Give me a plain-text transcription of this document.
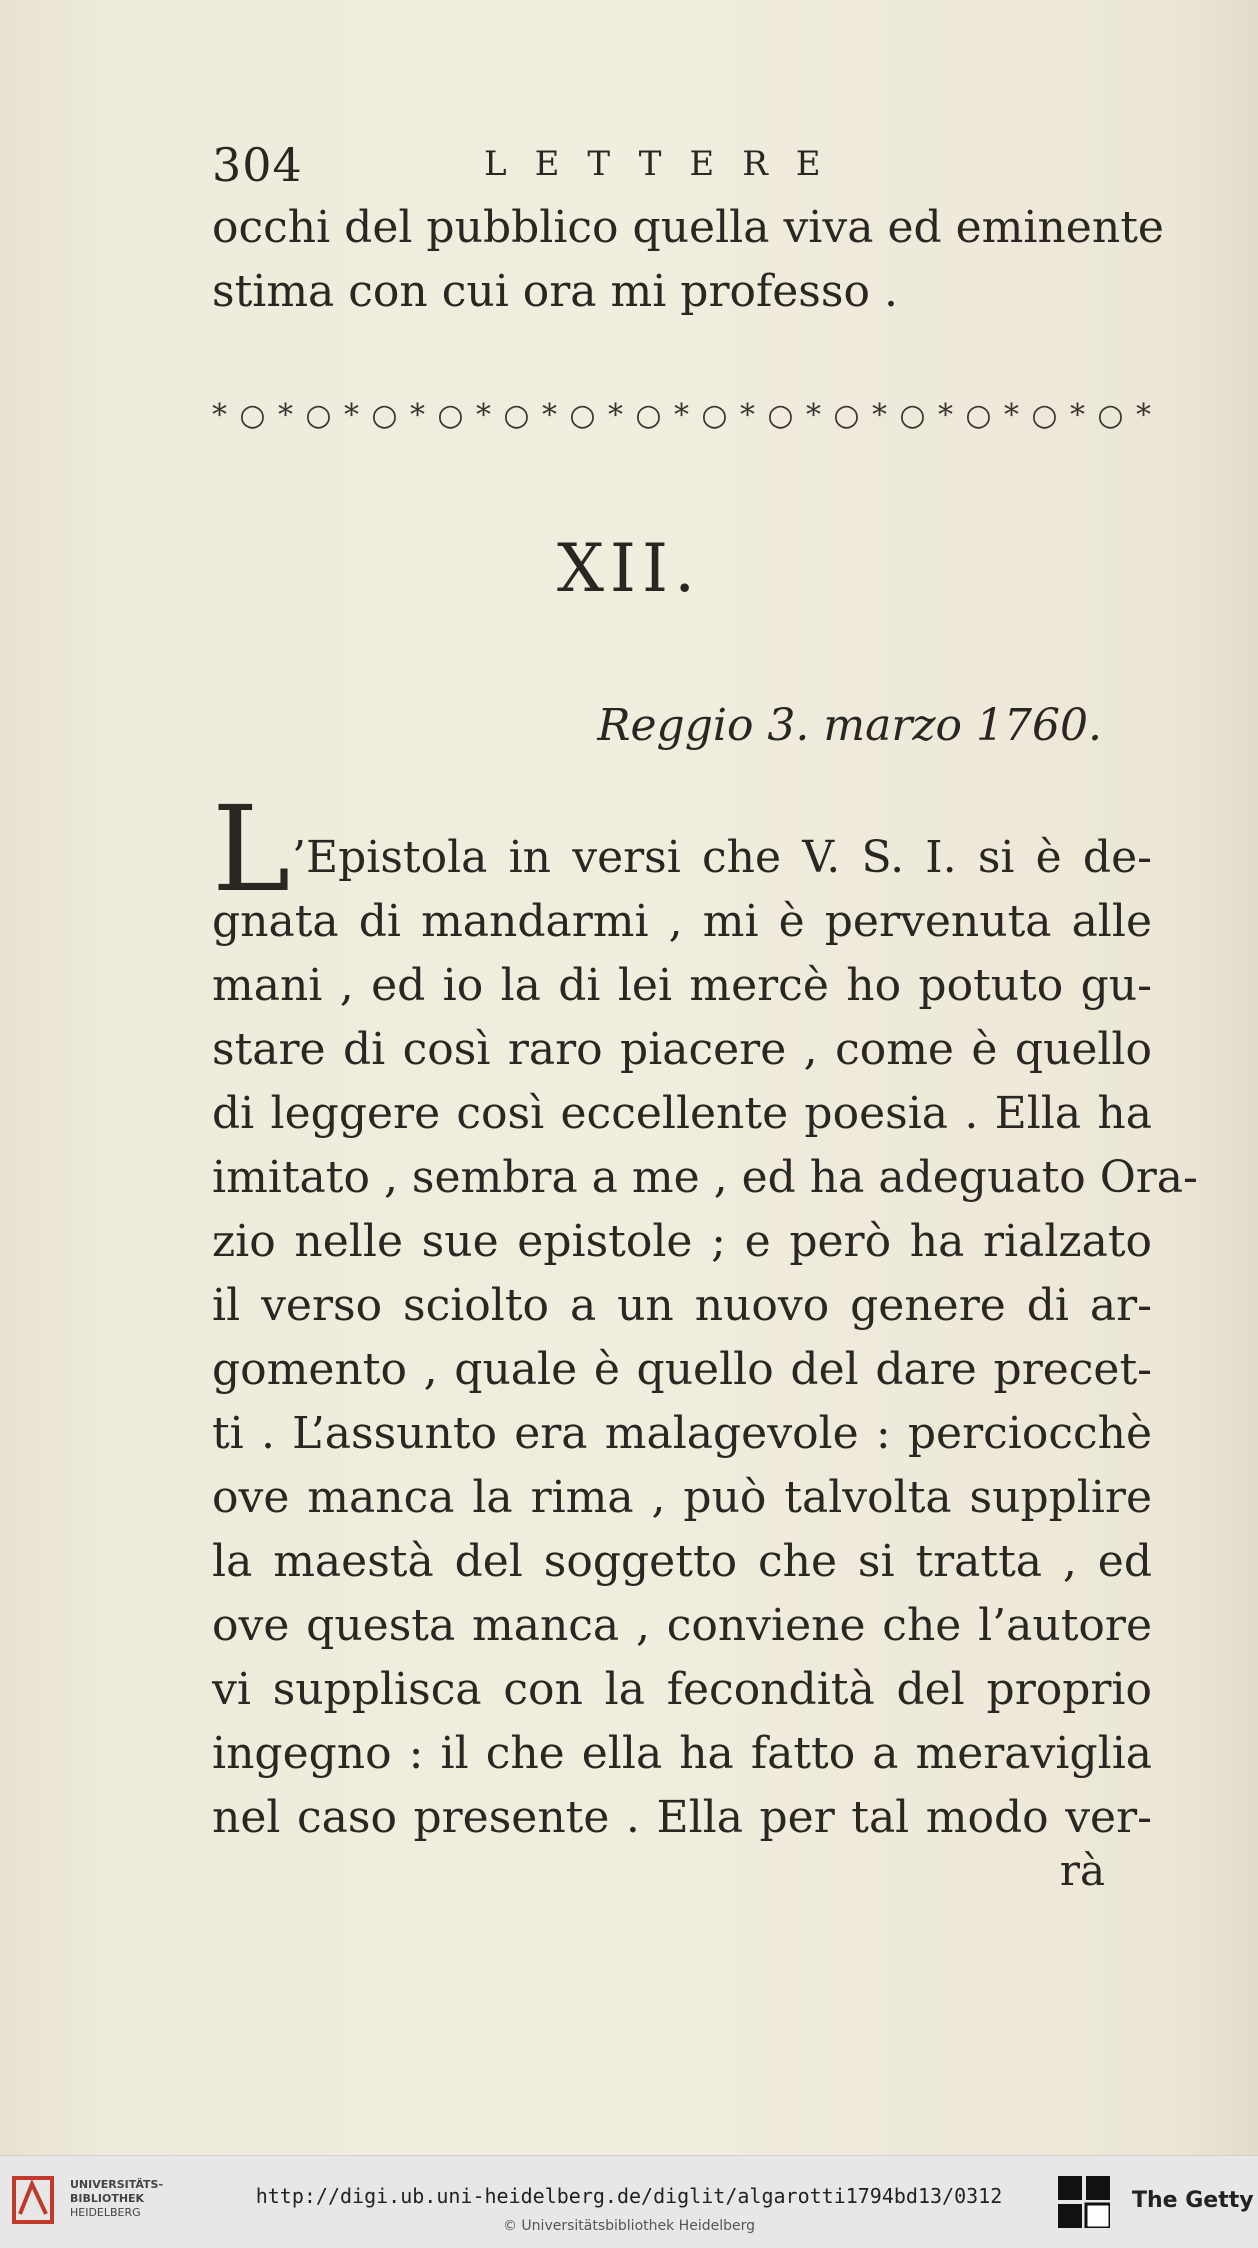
304	LETTERE
occhi del pubblico quella viva ed eminente
stima con cui ora mi professo .
*○*○*○*○*○*○*○*○*○*○*○*○*○*○*
XII.
Reggio 3. marzo 1760.
L ’Epistola in versi che V. S. I. si è de-
gnata di mandarmi , mi è pervenuta alle
mani , ed io la di lei mercè ho potuto gu-
stare di così raro piacere , come è quello
di leggere così eccellente poesia . Ella ha
imitato , sembra a me , ed ha adeguato Ora-
zio nelle sue epistole ; e però ha rialzato
il verso sciolto a un nuovo genere di ar-
gomento , quale è quello del dare precet-
ti . L’assunto era malagevole : perciocchè
ove manca la rima , può talvolta supplire
la maestà del soggetto che si tratta , ed
ove questa manca , conviene che l’autore
vi supplisca con la fecondità del proprio
ingegno : il che ella ha fatto a meraviglia
nel caso presente . Ella per tal modo ver-
rà
UNIVERSITÄTS-
BIBLIOTHEK
HEIDELBERG
http://digi.ub.uni-heidelberg.de/diglit/algarotti1794bd13/0312
© Universitätsbibliothek Heidelberg
The Getty
